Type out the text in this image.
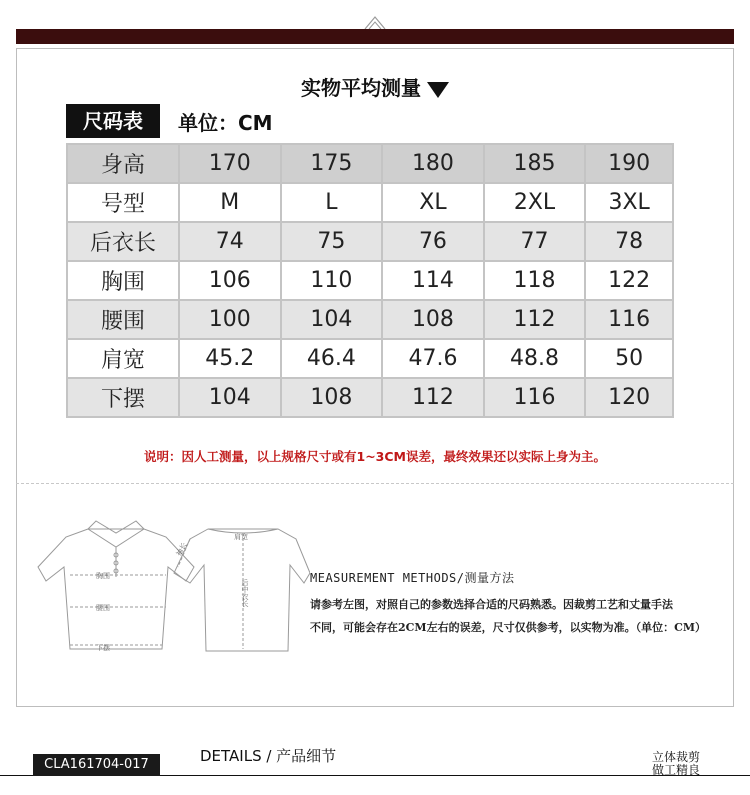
实物平均测量
尺码表	单位：CM
身高	170	175	180	185	190
号型	M	L	XL	2XL	3XL
后衣长	74	75	76	77	78
胸围	106	110	114	118	122
腰围	100	104	108	112	116
肩宽	45.2	46.4	47.6	48.8	50
下摆	104	108	112	116	120
说明：因人工测量，以上规格尺寸或有1~3CM误差，最终效果还以实际上身为主。
胸围
腰围
下摆
肩宽
袖长
后中衣长
MEASUREMENT METHODS/测量方法
请参考左图，对照自己的参数选择合适的尺码熟悉。因裁剪工艺和丈量手法
不同，可能会存在2CM左右的误差，尺寸仅供参考，以实物为准。（单位：CM）
CLA161704-017	DETAILS / 产品细节	立体裁剪
做工精良
